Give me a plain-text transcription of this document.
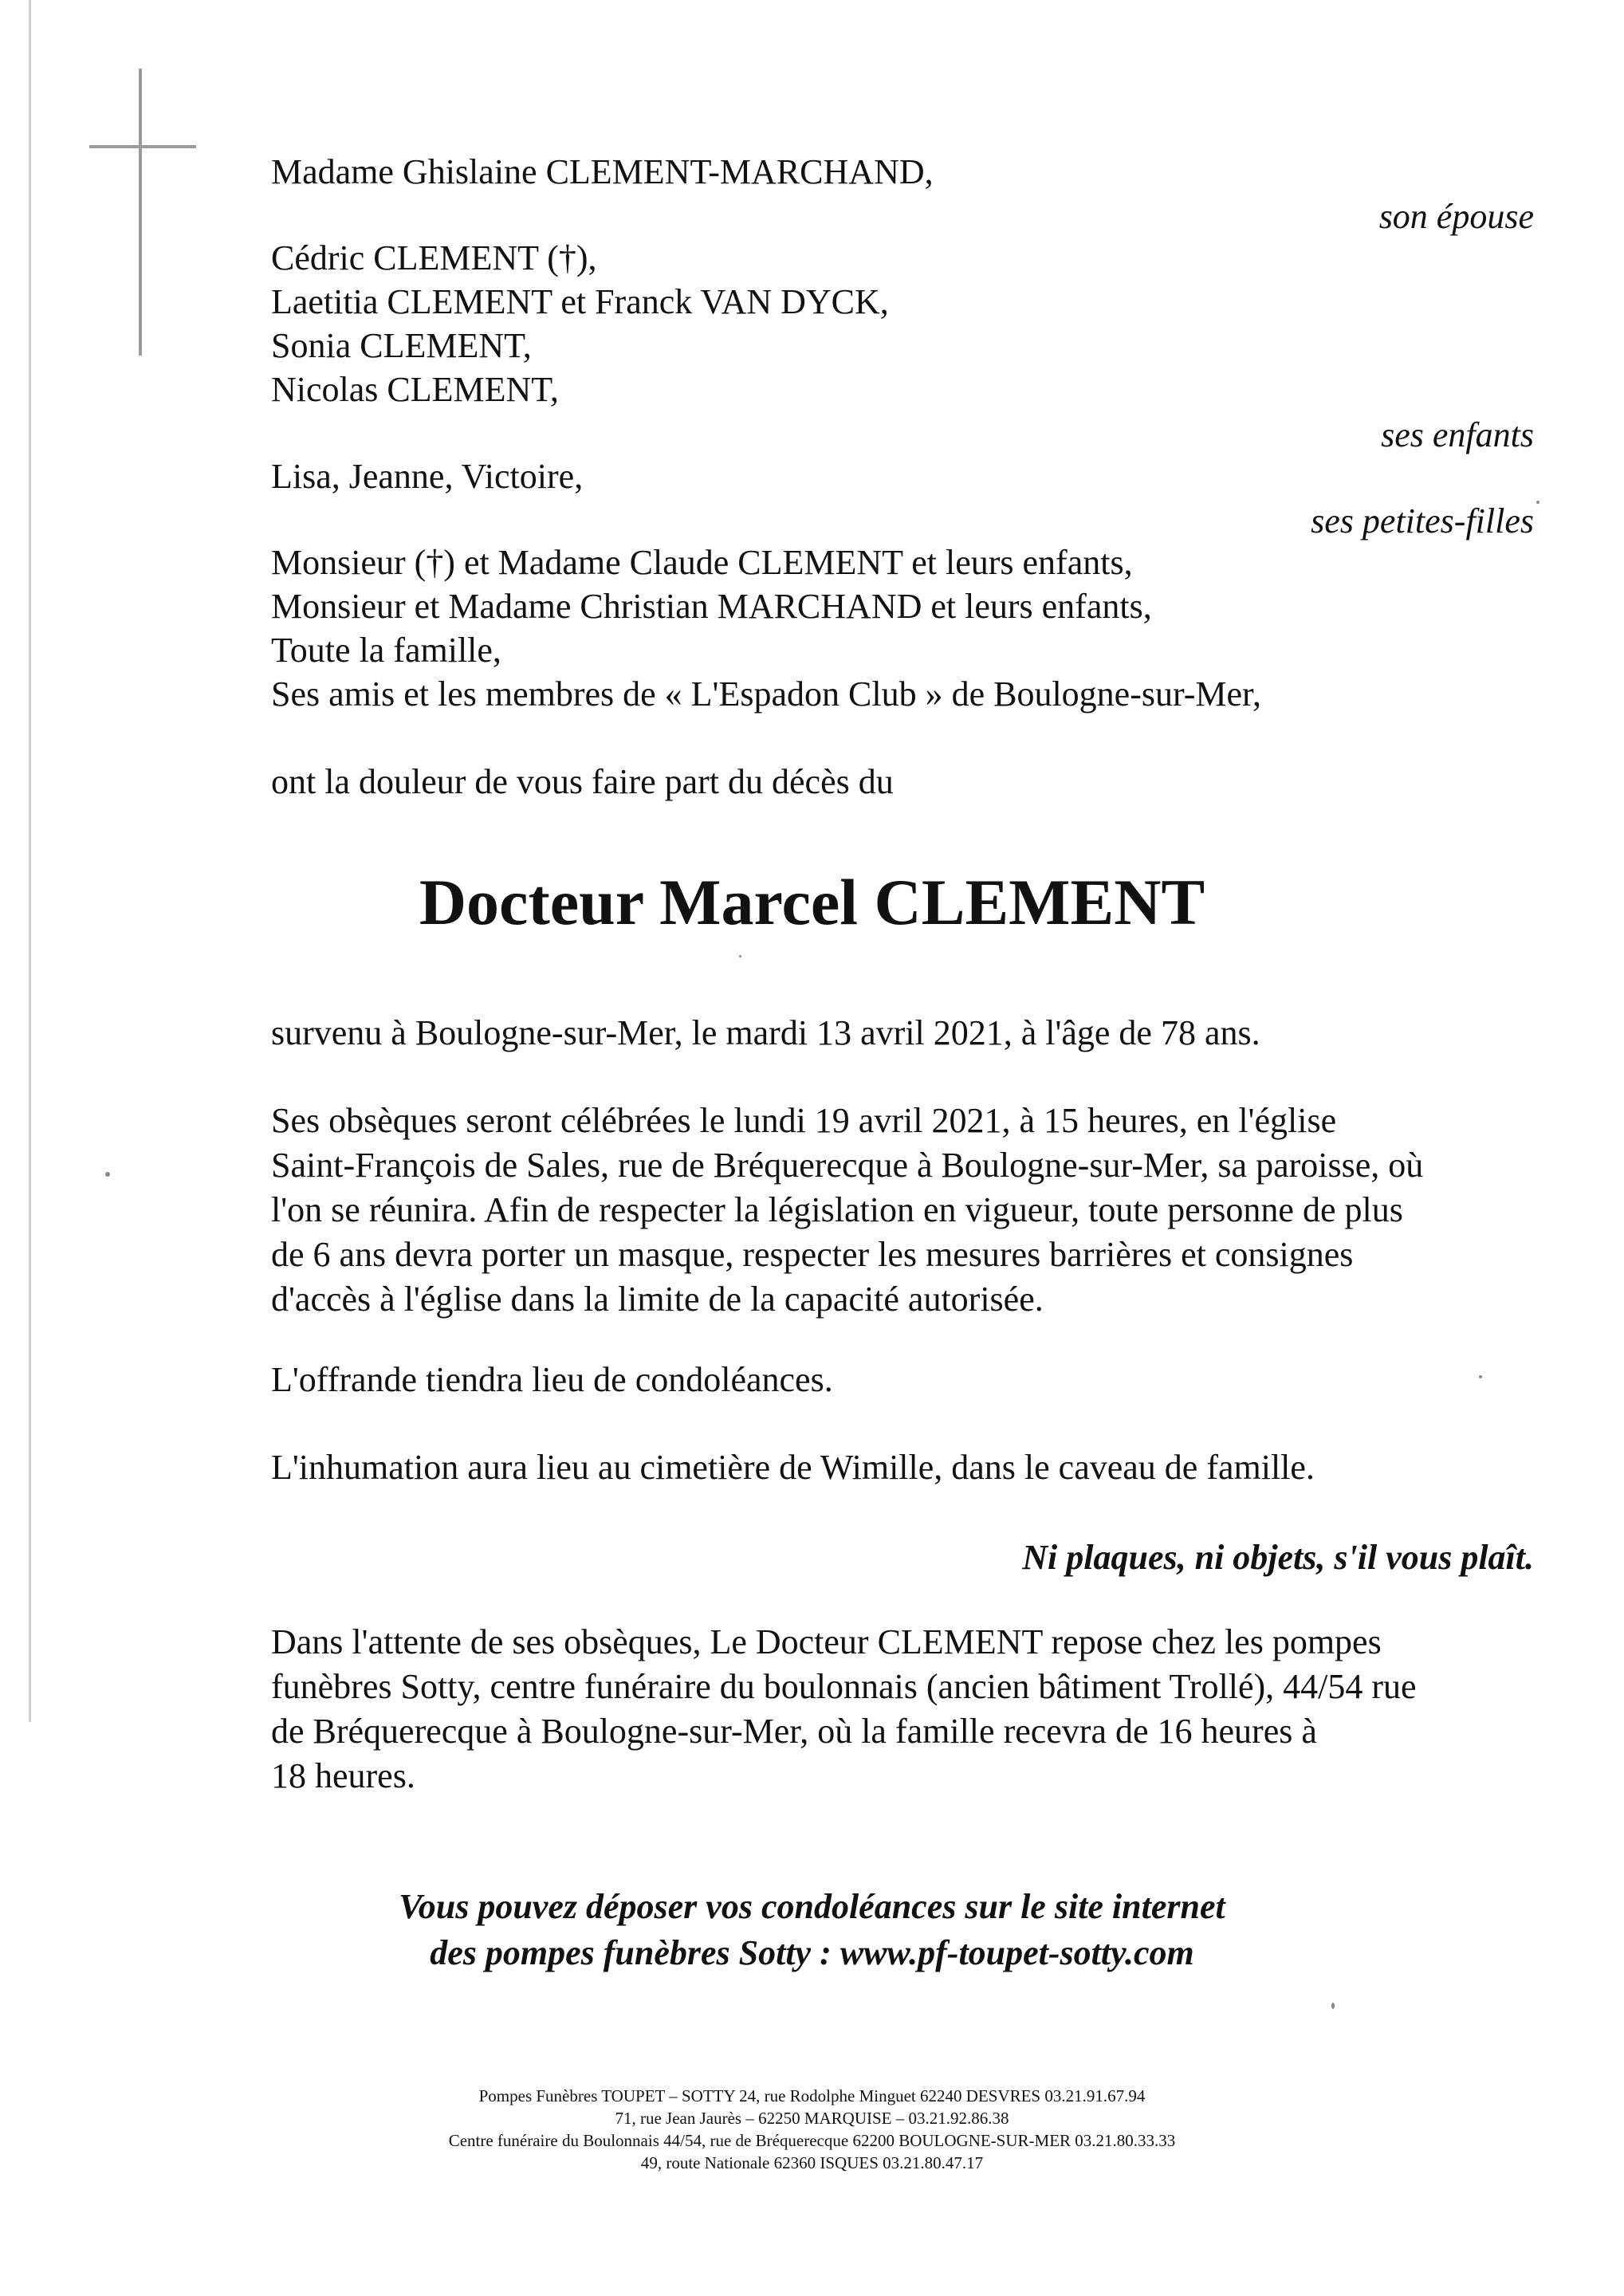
Madame Ghislaine CLEMENT-MARCHAND,
son épouse
Cédric CLEMENT (†),
Laetitia CLEMENT et Franck VAN DYCK,
Sonia CLEMENT,
Nicolas CLEMENT,
ses enfants
Lisa, Jeanne, Victoire,
ses petites-filles
Monsieur (†) et Madame Claude CLEMENT et leurs enfants,
Monsieur et Madame Christian MARCHAND et leurs enfants,
Toute la famille,
Ses amis et les membres de « L'Espadon Club » de Boulogne-sur-Mer,
ont la douleur de vous faire part du décès du
Docteur Marcel CLEMENT
survenu à Boulogne-sur-Mer, le mardi 13 avril 2021, à l'âge de 78 ans.
Ses obsèques seront célébrées le lundi 19 avril 2021, à 15 heures, en l'église
Saint-François de Sales, rue de Bréquerecque à Boulogne-sur-Mer, sa paroisse, où
l'on se réunira. Afin de respecter la législation en vigueur, toute personne de plus
de 6 ans devra porter un masque, respecter les mesures barrières et consignes
d'accès à l'église dans la limite de la capacité autorisée.
L'offrande tiendra lieu de condoléances.
L'inhumation aura lieu au cimetière de Wimille, dans le caveau de famille.
Ni plaques, ni objets, s'il vous plaît.
Dans l'attente de ses obsèques, Le Docteur CLEMENT repose chez les pompes
funèbres Sotty, centre funéraire du boulonnais (ancien bâtiment Trollé), 44/54 rue
de Bréquerecque à Boulogne-sur-Mer, où la famille recevra de 16 heures à
18 heures.
Vous pouvez déposer vos condoléances sur le site internet
des pompes funèbres Sotty : www.pf-toupet-sotty.com
Pompes Funèbres TOUPET – SOTTY 24, rue Rodolphe Minguet 62240 DESVRES 03.21.91.67.94
71, rue Jean Jaurès – 62250 MARQUISE – 03.21.92.86.38
Centre funéraire du Boulonnais 44/54, rue de Bréquerecque 62200 BOULOGNE-SUR-MER 03.21.80.33.33
49, route Nationale 62360 ISQUES 03.21.80.47.17
